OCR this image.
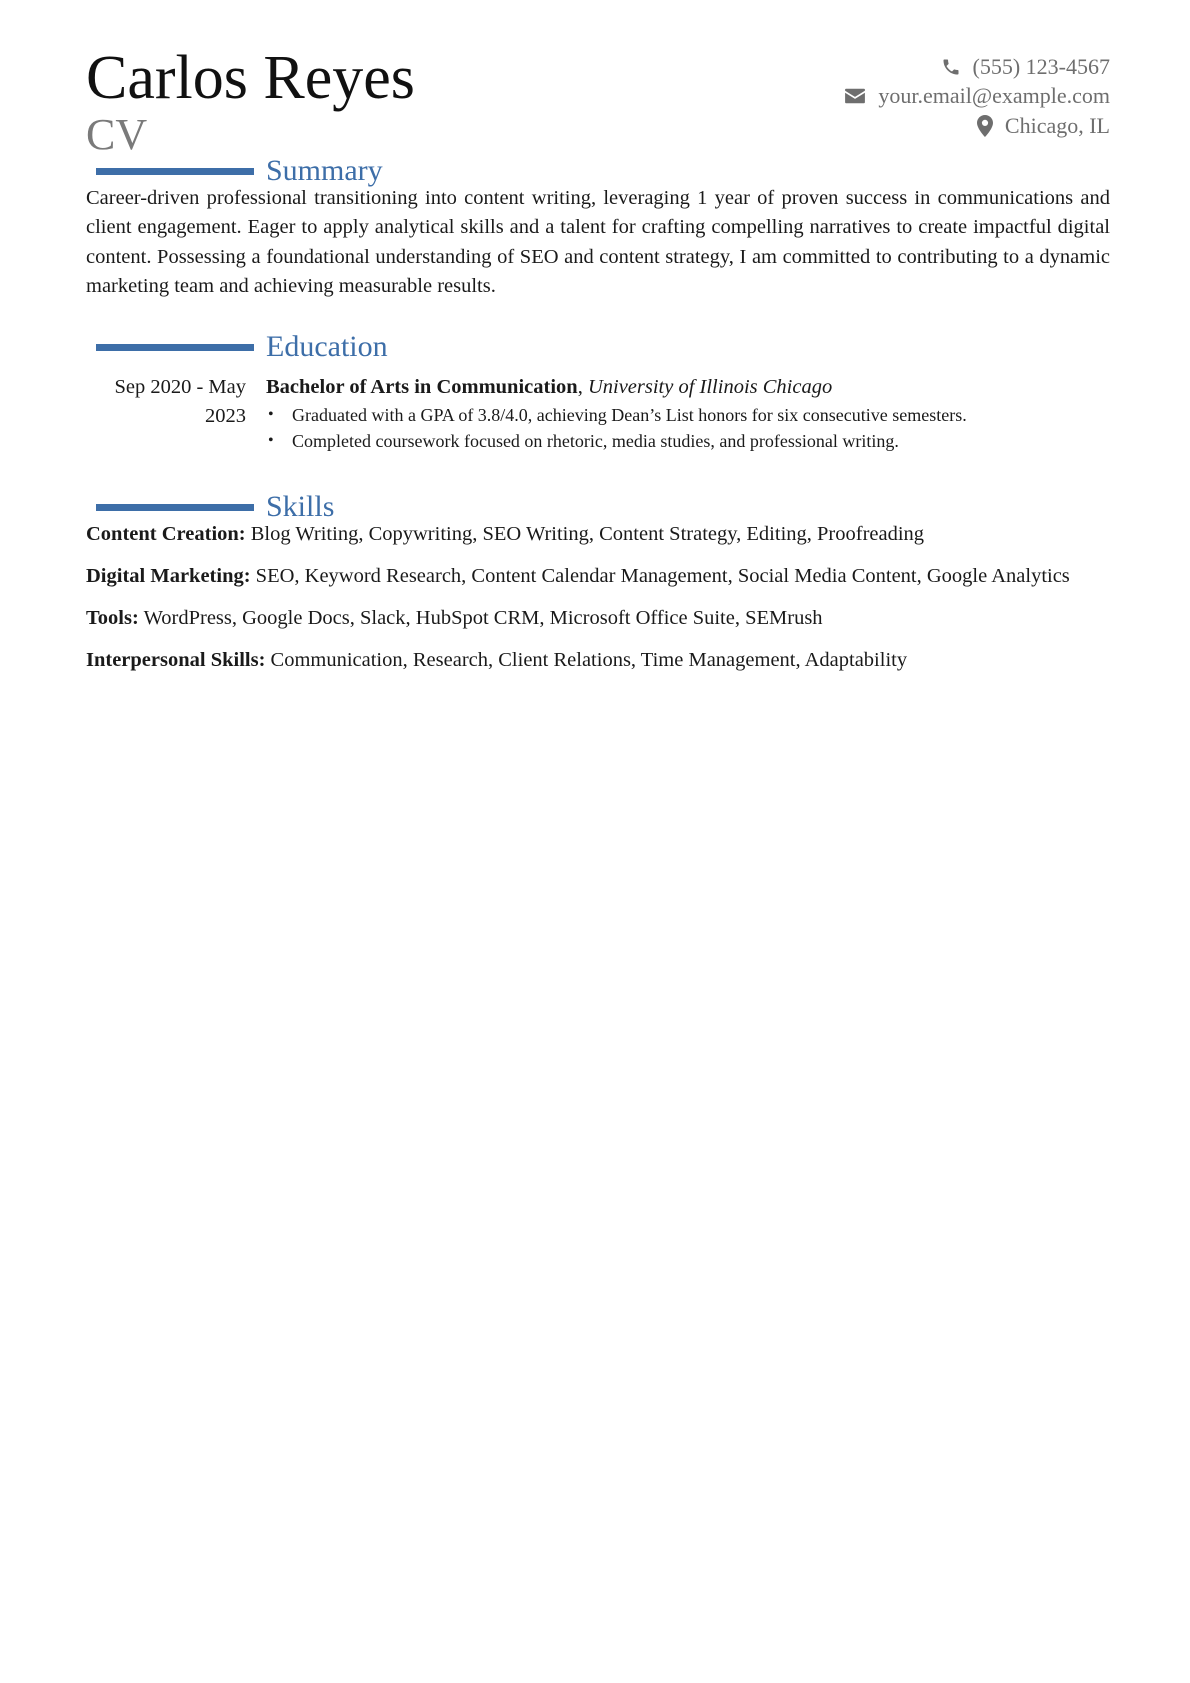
Carlos Reyes
CV
(555) 123-4567
your.email@example.com
Chicago, IL
Summary
Career-driven professional transitioning into content writing, leveraging 1 year of proven success in communications and client engagement. Eager to apply analytical skills and a talent for crafting compelling narratives to create impactful digital content. Possessing a foundational understanding of SEO and content strategy, I am committed to contributing to a dynamic marketing team and achieving measurable results.
Education
Sep 2020 - May 2023
Bachelor of Arts in Communication, University of Illinois Chicago
• Graduated with a GPA of 3.8/4.0, achieving Dean’s List honors for six consecutive semesters.
• Completed coursework focused on rhetoric, media studies, and professional writing.
Skills
Content Creation: Blog Writing, Copywriting, SEO Writing, Content Strategy, Editing, Proofreading
Digital Marketing: SEO, Keyword Research, Content Calendar Management, Social Media Content, Google Analytics
Tools: WordPress, Google Docs, Slack, HubSpot CRM, Microsoft Office Suite, SEMrush
Interpersonal Skills: Communication, Research, Client Relations, Time Management, Adaptability
